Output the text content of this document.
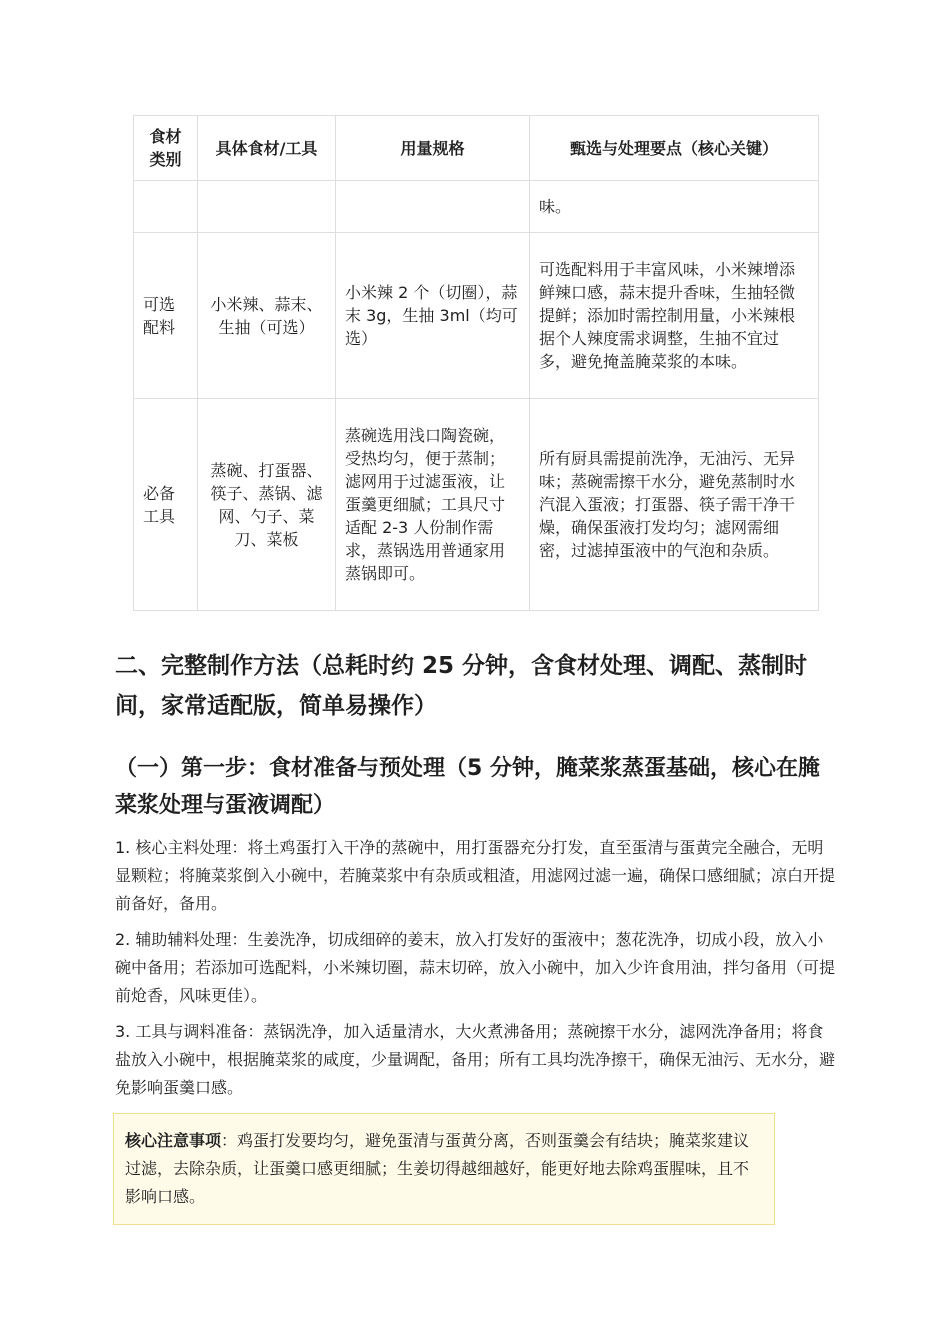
食材类别	具体食材/工具	用量规格	甄选与处理要点（核心关键）
			味。
可选配料	小米辣、蒜末、生抽（可选）	小米辣 2 个（切圈），蒜末 3g，生抽 3ml（均可选）	可选配料用于丰富风味，小米辣增添鲜辣口感，蒜末提升香味，生抽轻微提鲜；添加时需控制用量，小米辣根据个人辣度需求调整，生抽不宜过多，避免掩盖腌菜浆的本味。
必备工具	蒸碗、打蛋器、筷子、蒸锅、滤网、勺子、菜刀、菜板	蒸碗选用浅口陶瓷碗，受热均匀，便于蒸制；滤网用于过滤蛋液，让蛋羹更细腻；工具尺寸适配 2-3 人份制作需求，蒸锅选用普通家用蒸锅即可。	所有厨具需提前洗净，无油污、无异味；蒸碗需擦干水分，避免蒸制时水汽混入蛋液；打蛋器、筷子需干净干燥，确保蛋液打发均匀；滤网需细密，过滤掉蛋液中的气泡和杂质。
二、完整制作方法（总耗时约 25 分钟，含食材处理、调配、蒸制时间，家常适配版，简单易操作）
（一）第一步：食材准备与预处理（5 分钟，腌菜浆蒸蛋基础，核心在腌菜浆处理与蛋液调配）

1. 核心主料处理：将土鸡蛋打入干净的蒸碗中，用打蛋器充分打发，直至蛋清与蛋黄完全融合，无明显颗粒；将腌菜浆倒入小碗中，若腌菜浆中有杂质或粗渣，用滤网过滤一遍，确保口感细腻；凉白开提前备好，备用。

2. 辅助辅料处理：生姜洗净，切成细碎的姜末，放入打发好的蛋液中；葱花洗净，切成小段，放入小碗中备用；若添加可选配料，小米辣切圈，蒜末切碎，放入小碗中，加入少许食用油，拌匀备用（可提前炝香，风味更佳）。

3. 工具与调料准备：蒸锅洗净，加入适量清水，大火煮沸备用；蒸碗擦干水分，滤网洗净备用；将食盐放入小碗中，根据腌菜浆的咸度，少量调配，备用；所有工具均洗净擦干，确保无油污、无水分，避免影响蛋羹口感。

核心注意事项：鸡蛋打发要均匀，避免蛋清与蛋黄分离，否则蛋羹会有结块；腌菜浆建议过滤，去除杂质，让蛋羹口感更细腻；生姜切得越细越好，能更好地去除鸡蛋腥味，且不影响口感。
